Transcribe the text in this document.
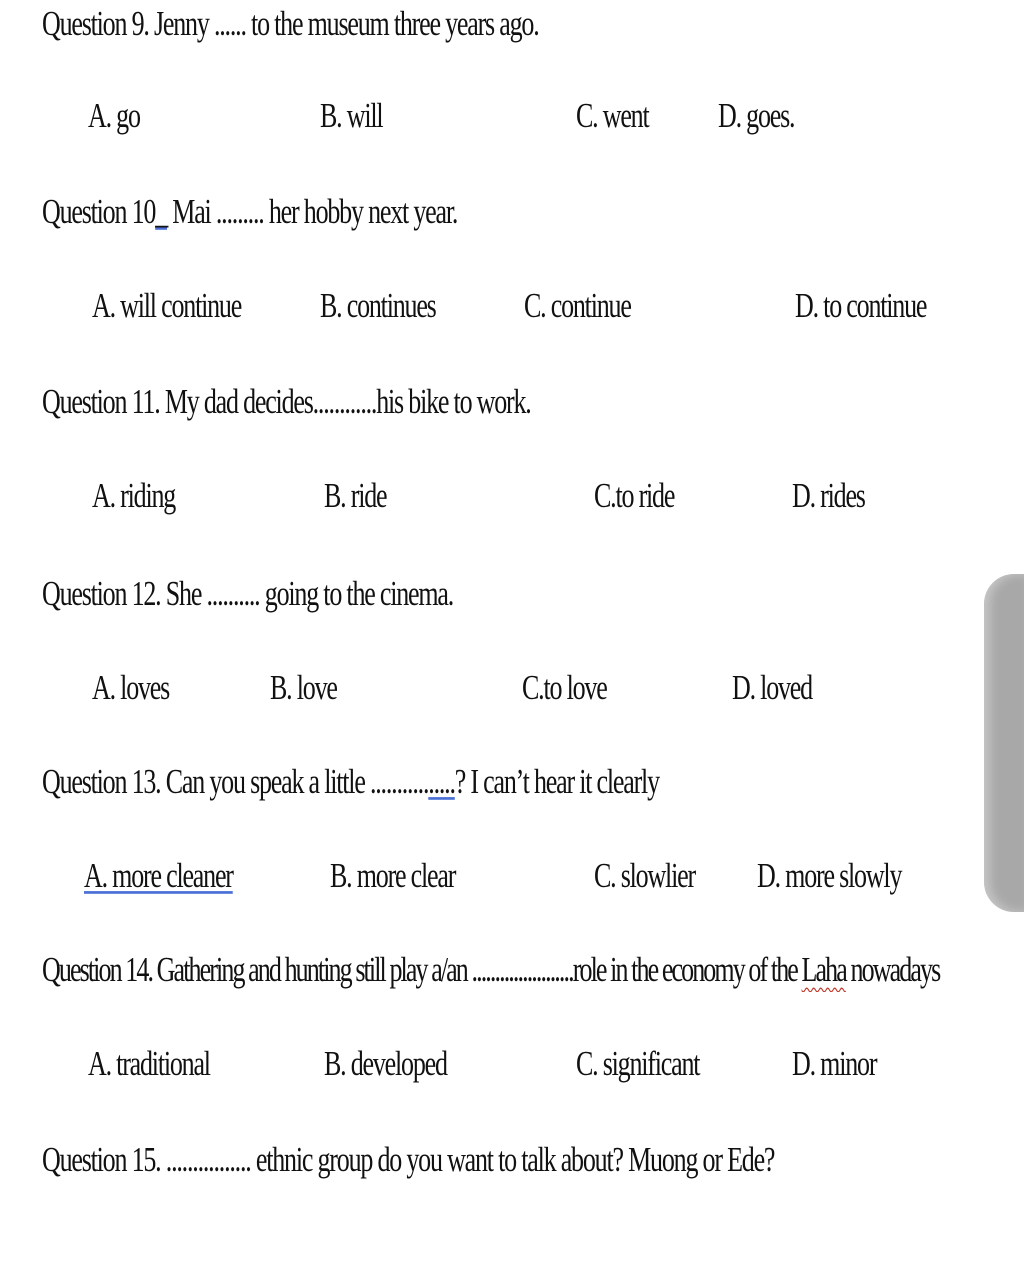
Question 9. Jenny ...... to the museum three years ago.
A. go	B. will	C. went	D. goes.
Question 10_ Mai ......... her hobby next year.
A. will continue	B. continues	C. continue	D. to continue
Question 11. My dad decides............his bike to work.
A. riding	B. ride	C.to ride	D. rides
Question 12. She .......... going to the cinema.
A. loves	B. love	C.to love	D. loved
Question 13. Can you speak a little ................? I can’t hear it clearly
A. more cleaner	B. more clear	C. slowlier D. more slowly
Question 14. Gathering and hunting still play a/an ......................role in the economy of the Laha nowadays
A. traditional	B. developed	C. significant	D. minor
Question 15. ................ ethnic group do you want to talk about? Muong or Ede?
